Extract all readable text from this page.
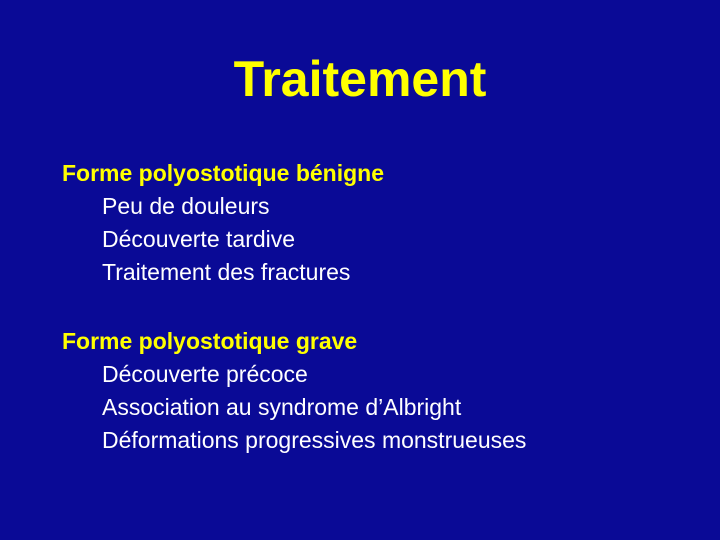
Traitement
Forme polyostotique bénigne
Peu de douleurs
Découverte tardive
Traitement des fractures
Forme polyostotique grave
Découverte précoce
Association au syndrome d’Albright
Déformations progressives monstrueuses
